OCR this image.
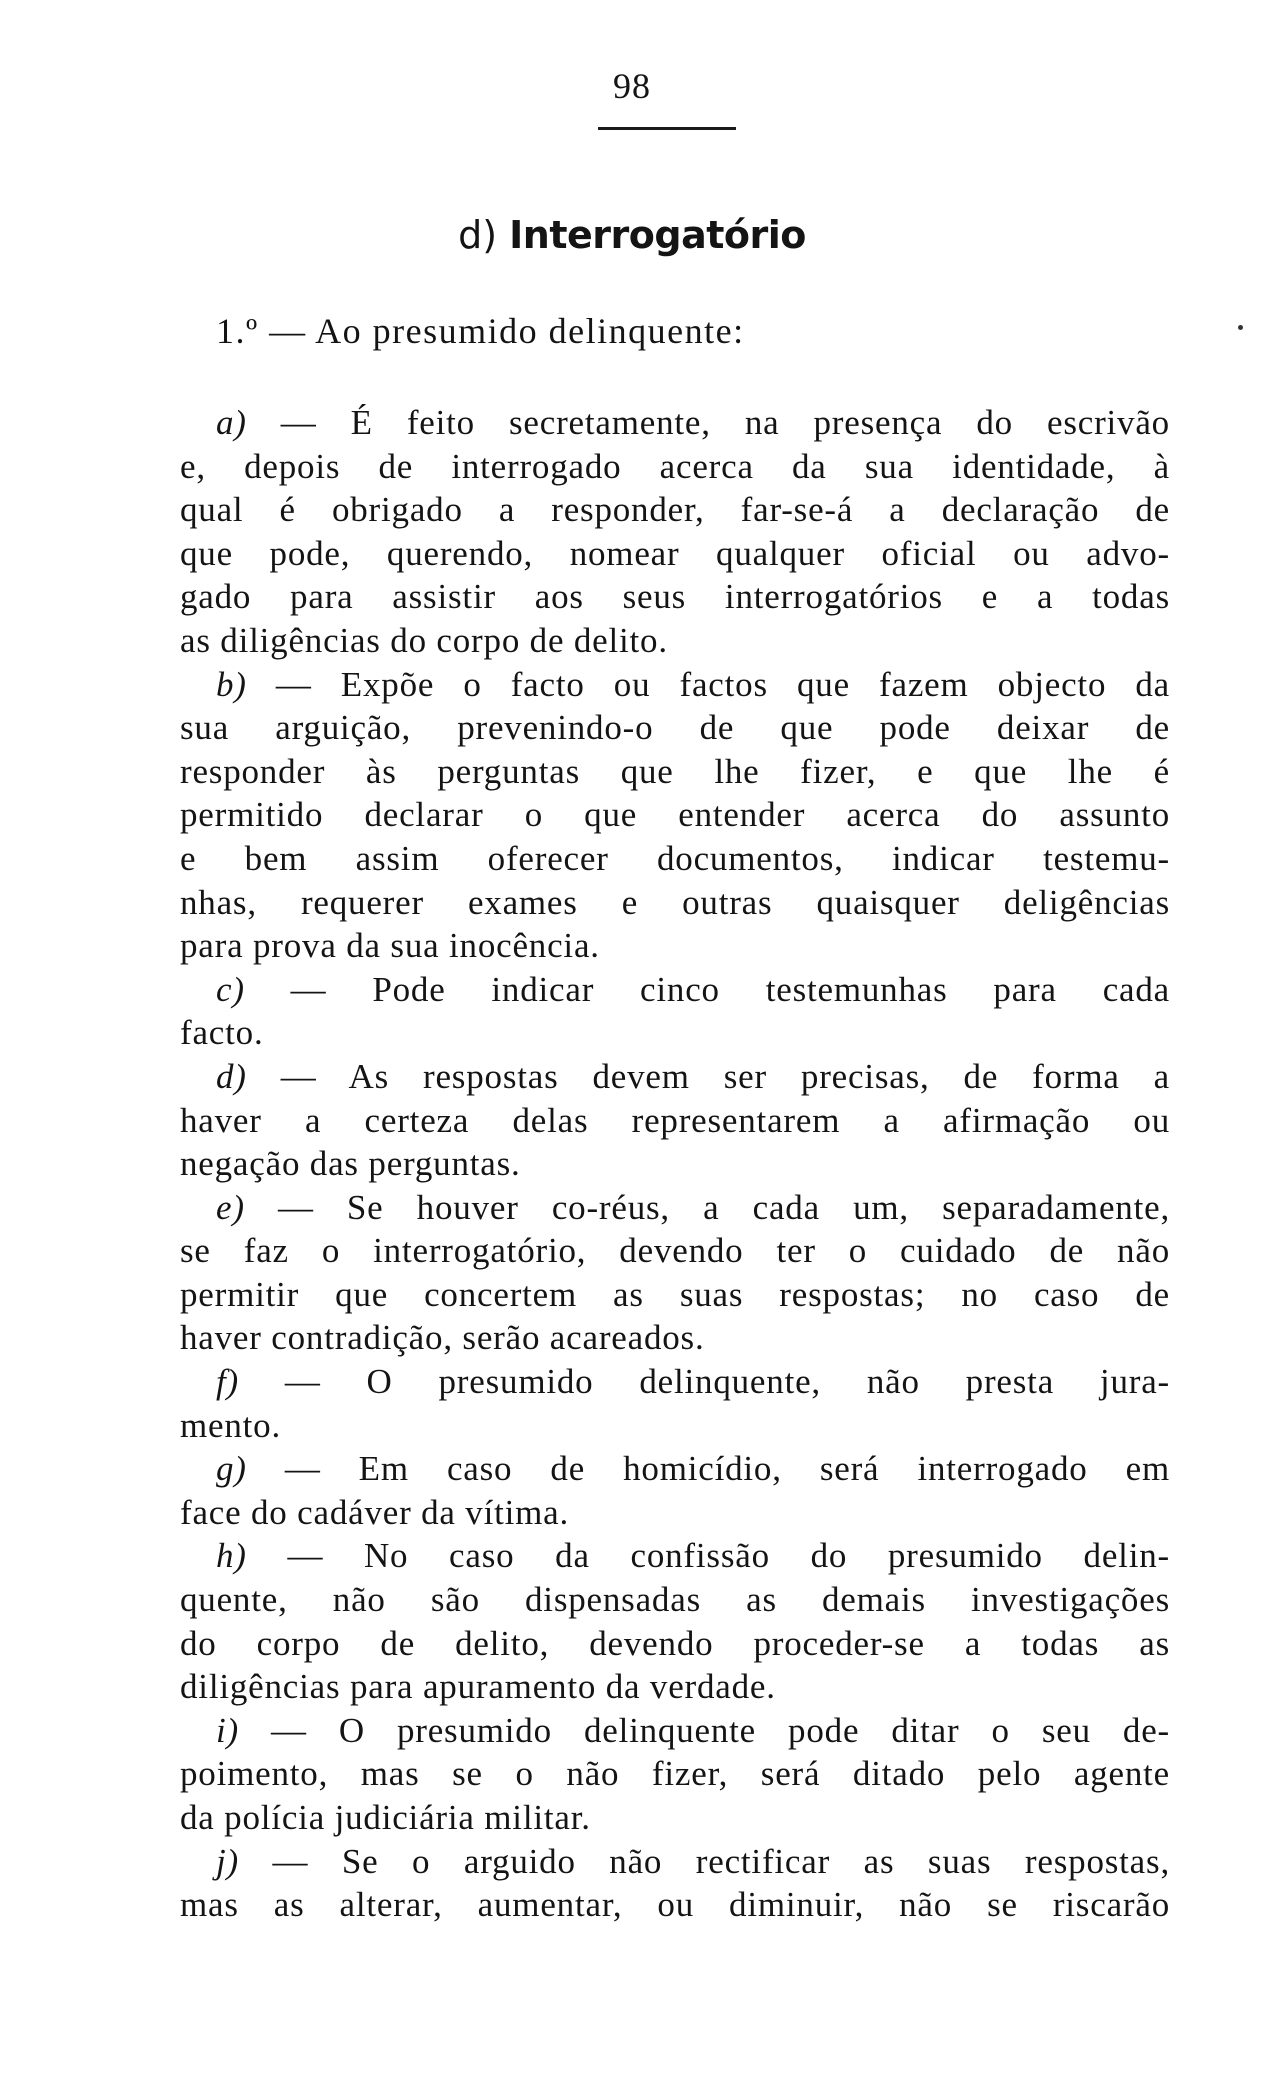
98
d) Interrogatório
1.º — Ao presumido delinquente:
a) — É feito secretamente, na presença do escrivão
e, depois de interrogado acerca da sua identidade, à
qual é obrigado a responder, far-se-á a declaração de
que pode, querendo, nomear qualquer oficial ou advo-
gado para assistir aos seus interrogatórios e a todas
as diligências do corpo de delito.
b) — Expõe o facto ou factos que fazem objecto da
sua arguição, prevenindo-o de que pode deixar de
responder às perguntas que lhe fizer, e que lhe é
permitido declarar o que entender acerca do assunto
e bem assim oferecer documentos, indicar testemu-
nhas, requerer exames e outras quaisquer deligências
para prova da sua inocência.
c) — Pode indicar cinco testemunhas para cada
facto.
d) — As respostas devem ser precisas, de forma a
haver a certeza delas representarem a afirmação ou
negação das perguntas.
e) — Se houver co-réus, a cada um, separadamente,
se faz o interrogatório, devendo ter o cuidado de não
permitir que concertem as suas respostas; no caso de
haver contradição, serão acareados.
f) — O presumido delinquente, não presta jura-
mento.
g) — Em caso de homicídio, será interrogado em
face do cadáver da vítima.
h) — No caso da confissão do presumido delin-
quente, não são dispensadas as demais investigações
do corpo de delito, devendo proceder-se a todas as
diligências para apuramento da verdade.
i) — O presumido delinquente pode ditar o seu de-
poimento, mas se o não fizer, será ditado pelo agente
da polícia judiciária militar.
j) — Se o arguido não rectificar as suas respostas,
mas as alterar, aumentar, ou diminuir, não se riscarão
